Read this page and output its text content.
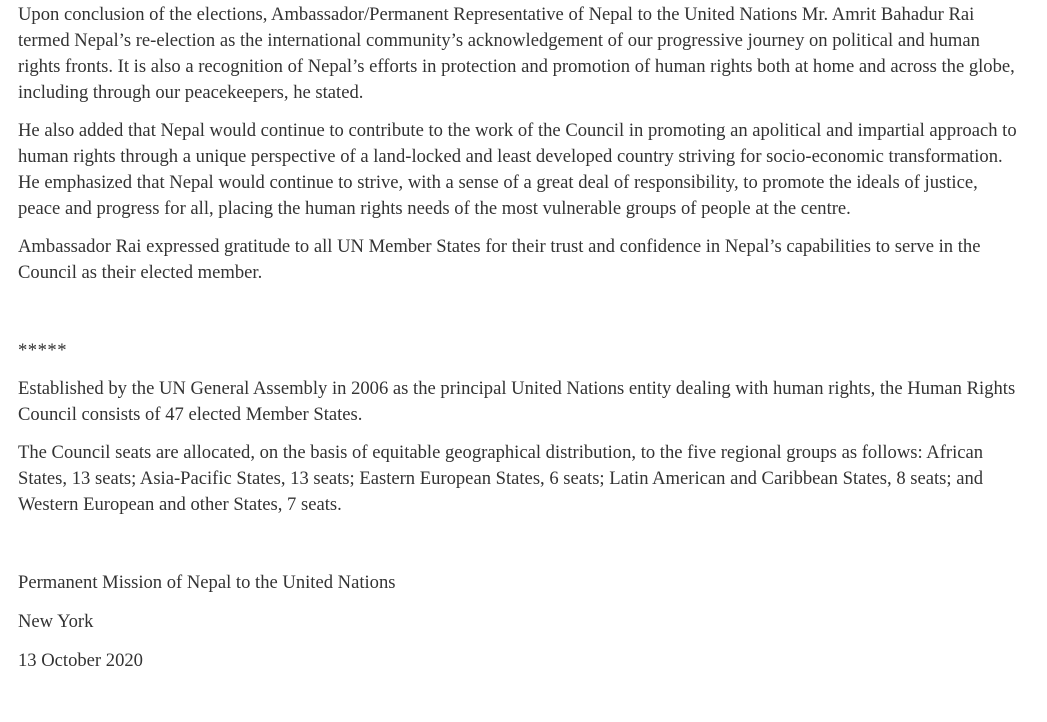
Upon conclusion of the elections, Ambassador/Permanent Representative of Nepal to the United Nations Mr. Amrit Bahadur Rai termed Nepal’s re-election as the international community’s acknowledgement of our progressive journey on political and human rights fronts. It is also a recognition of Nepal’s efforts in protection and promotion of human rights both at home and across the globe, including through our peacekeepers, he stated.

He also added that Nepal would continue to contribute to the work of the Council in promoting an apolitical and impartial approach to human rights through a unique perspective of a land-locked and least developed country striving for socio-economic transformation. He emphasized that Nepal would continue to strive, with a sense of a great deal of responsibility, to promote the ideals of justice, peace and progress for all, placing the human rights needs of the most vulnerable groups of people at the centre.

Ambassador Rai expressed gratitude to all UN Member States for their trust and confidence in Nepal’s capabilities to serve in the Council as their elected member.

*****

Established by the UN General Assembly in 2006 as the principal United Nations entity dealing with human rights, the Human Rights Council consists of 47 elected Member States.

The Council seats are allocated, on the basis of equitable geographical distribution, to the five regional groups as follows: African States, 13 seats; Asia-Pacific States, 13 seats; Eastern European States, 6 seats; Latin American and Caribbean States, 8 seats; and Western European and other States, 7 seats.

Permanent Mission of Nepal to the United Nations

New York

13 October 2020
